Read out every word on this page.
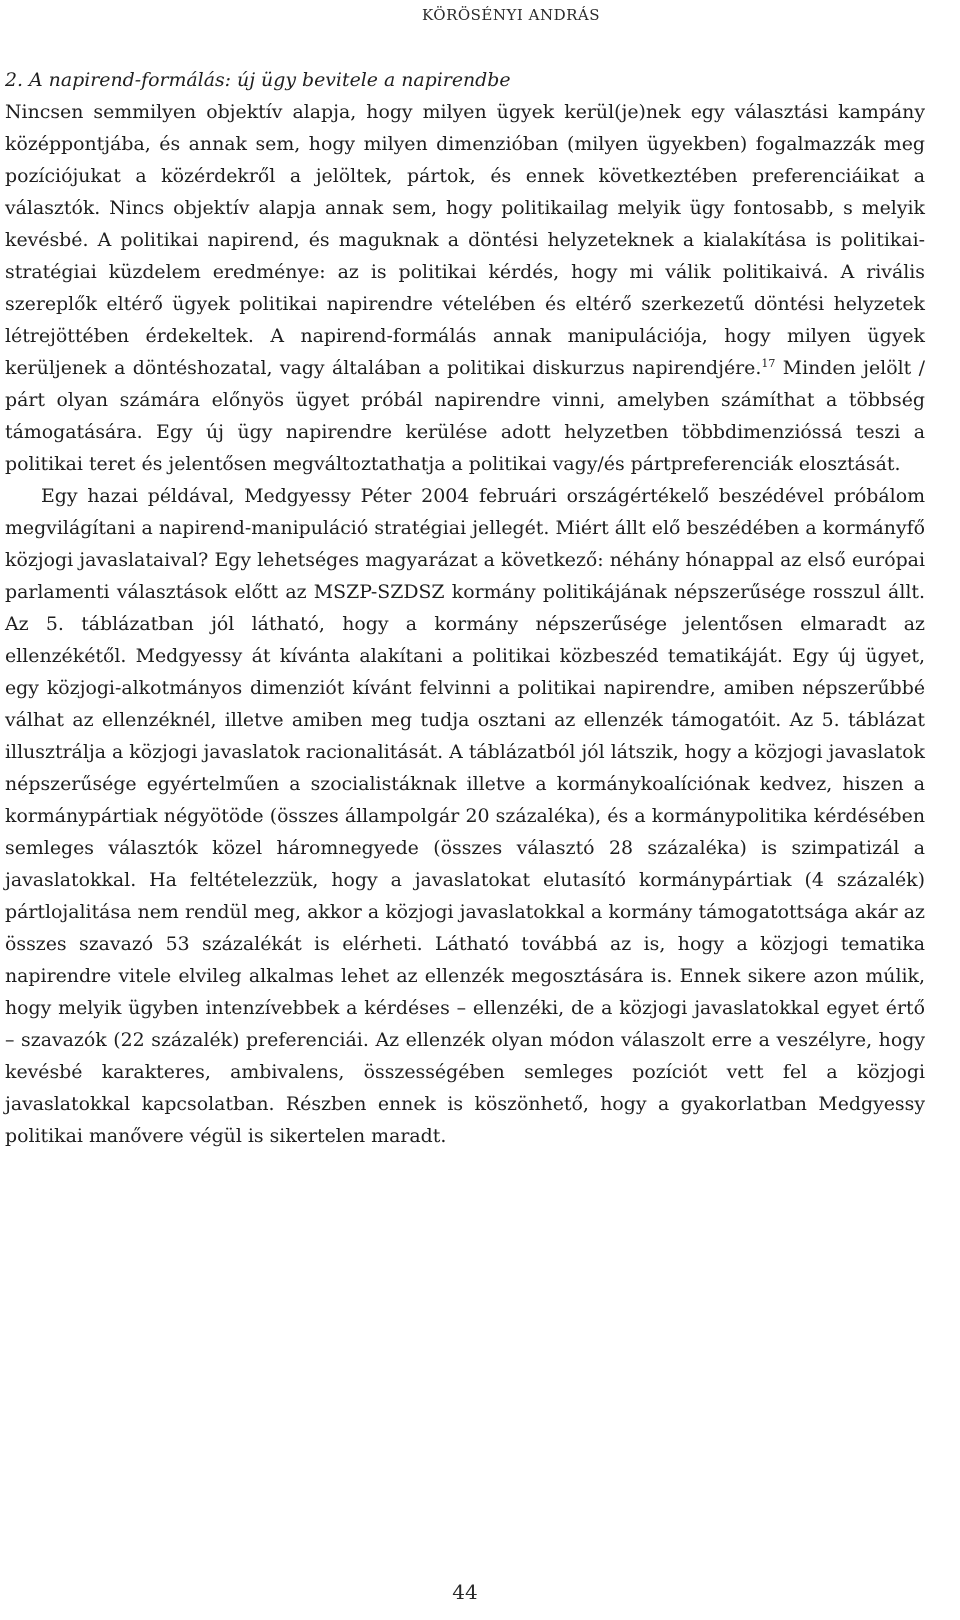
KÖRÖSÉNYI ANDRÁS
2. A napirend-formálás: új ügy bevitele a napirendbe

Nincsen semmilyen objektív alapja, hogy milyen ügyek kerül(je)nek egy választási kampány középpontjába, és annak sem, hogy milyen dimenzióban (milyen ügyekben) fogalmazzák meg pozíciójukat a közérdekről a jelöltek, pártok, és ennek következtében preferenciáikat a választók. Nincs objektív alapja annak sem, hogy politikailag melyik ügy fontosabb, s melyik kevésbé. A politikai napirend, és maguknak a döntési helyzeteknek a kialakítása is politikai-stratégiai küzdelem eredménye: az is politikai kérdés, hogy mi válik politikaivá. A rivális szereplők eltérő ügyek politikai napirendre vételében és eltérő szerkezetű döntési helyzetek létrejöttében érdekeltek. A napirend-formálás annak manipulációja, hogy milyen ügyek kerüljenek a döntéshozatal, vagy általában a politikai diskurzus napirendjére.$^{17}$ Minden jelölt / párt olyan számára előnyös ügyet próbál napirendre vinni, amelyben számíthat a többség támogatására. Egy új ügy napirendre kerülése adott helyzetben többdimenzióssá teszi a politikai teret és jelentősen megváltoztathatja a politikai vagy/és pártpreferenciák elosztását.

Egy hazai példával, Medgyessy Péter 2004 februári országértékelő beszédével próbálom megvilágítani a napirend-manipuláció stratégiai jellegét. Miért állt elő beszédében a kormányfő közjogi javaslataival? Egy lehetséges magyarázat a következő: néhány hónappal az első európai parlamenti választások előtt az MSZP-SZDSZ kormány politikájának népszerűsége rosszul állt. Az 5. táblázatban jól látható, hogy a kormány népszerűsége jelentősen elmaradt az ellenzékétől. Medgyessy át kívánta alakítani a politikai közbeszéd tematikáját. Egy új ügyet, egy közjogi-alkotmányos dimenziót kívánt felvinni a politikai napirendre, amiben népszerűbbé válhat az ellenzéknél, illetve amiben meg tudja osztani az ellenzék támogatóit. Az 5. táblázat illusztrálja a közjogi javaslatok racionalitását. A táblázatból jól látszik, hogy a közjogi javaslatok népszerűsége egyértelműen a szocialistáknak illetve a kormánykoalíciónak kedvez, hiszen a kormánypártiak négyötöde (összes állampolgár 20 százaléka), és a kormánypolitika kérdésében semleges választók közel háromnegyede (összes választó 28 százaléka) is szimpatizál a javaslatokkal. Ha feltételezzük, hogy a javaslatokat elutasító kormánypártiak (4 százalék) pártlojalitása nem rendül meg, akkor a közjogi javaslatokkal a kormány támogatottsága akár az összes szavazó 53 százalékát is elérheti. Látható továbbá az is, hogy a közjogi tematika napirendre vitele elvileg alkalmas lehet az ellenzék megosztására is. Ennek sikere azon múlik, hogy melyik ügyben intenzívebbek a kérdéses – ellenzéki, de a közjogi javaslatokkal egyet értő – szavazók (22 százalék) preferenciái. Az ellenzék olyan módon válaszolt erre a veszélyre, hogy kevésbé karakteres, ambivalens, összességében semleges pozíciót vett fel a közjogi javaslatokkal kapcsolatban. Részben ennek is köszönhető, hogy a gyakorlatban Medgyessy politikai manővere végül is sikertelen maradt.

44
